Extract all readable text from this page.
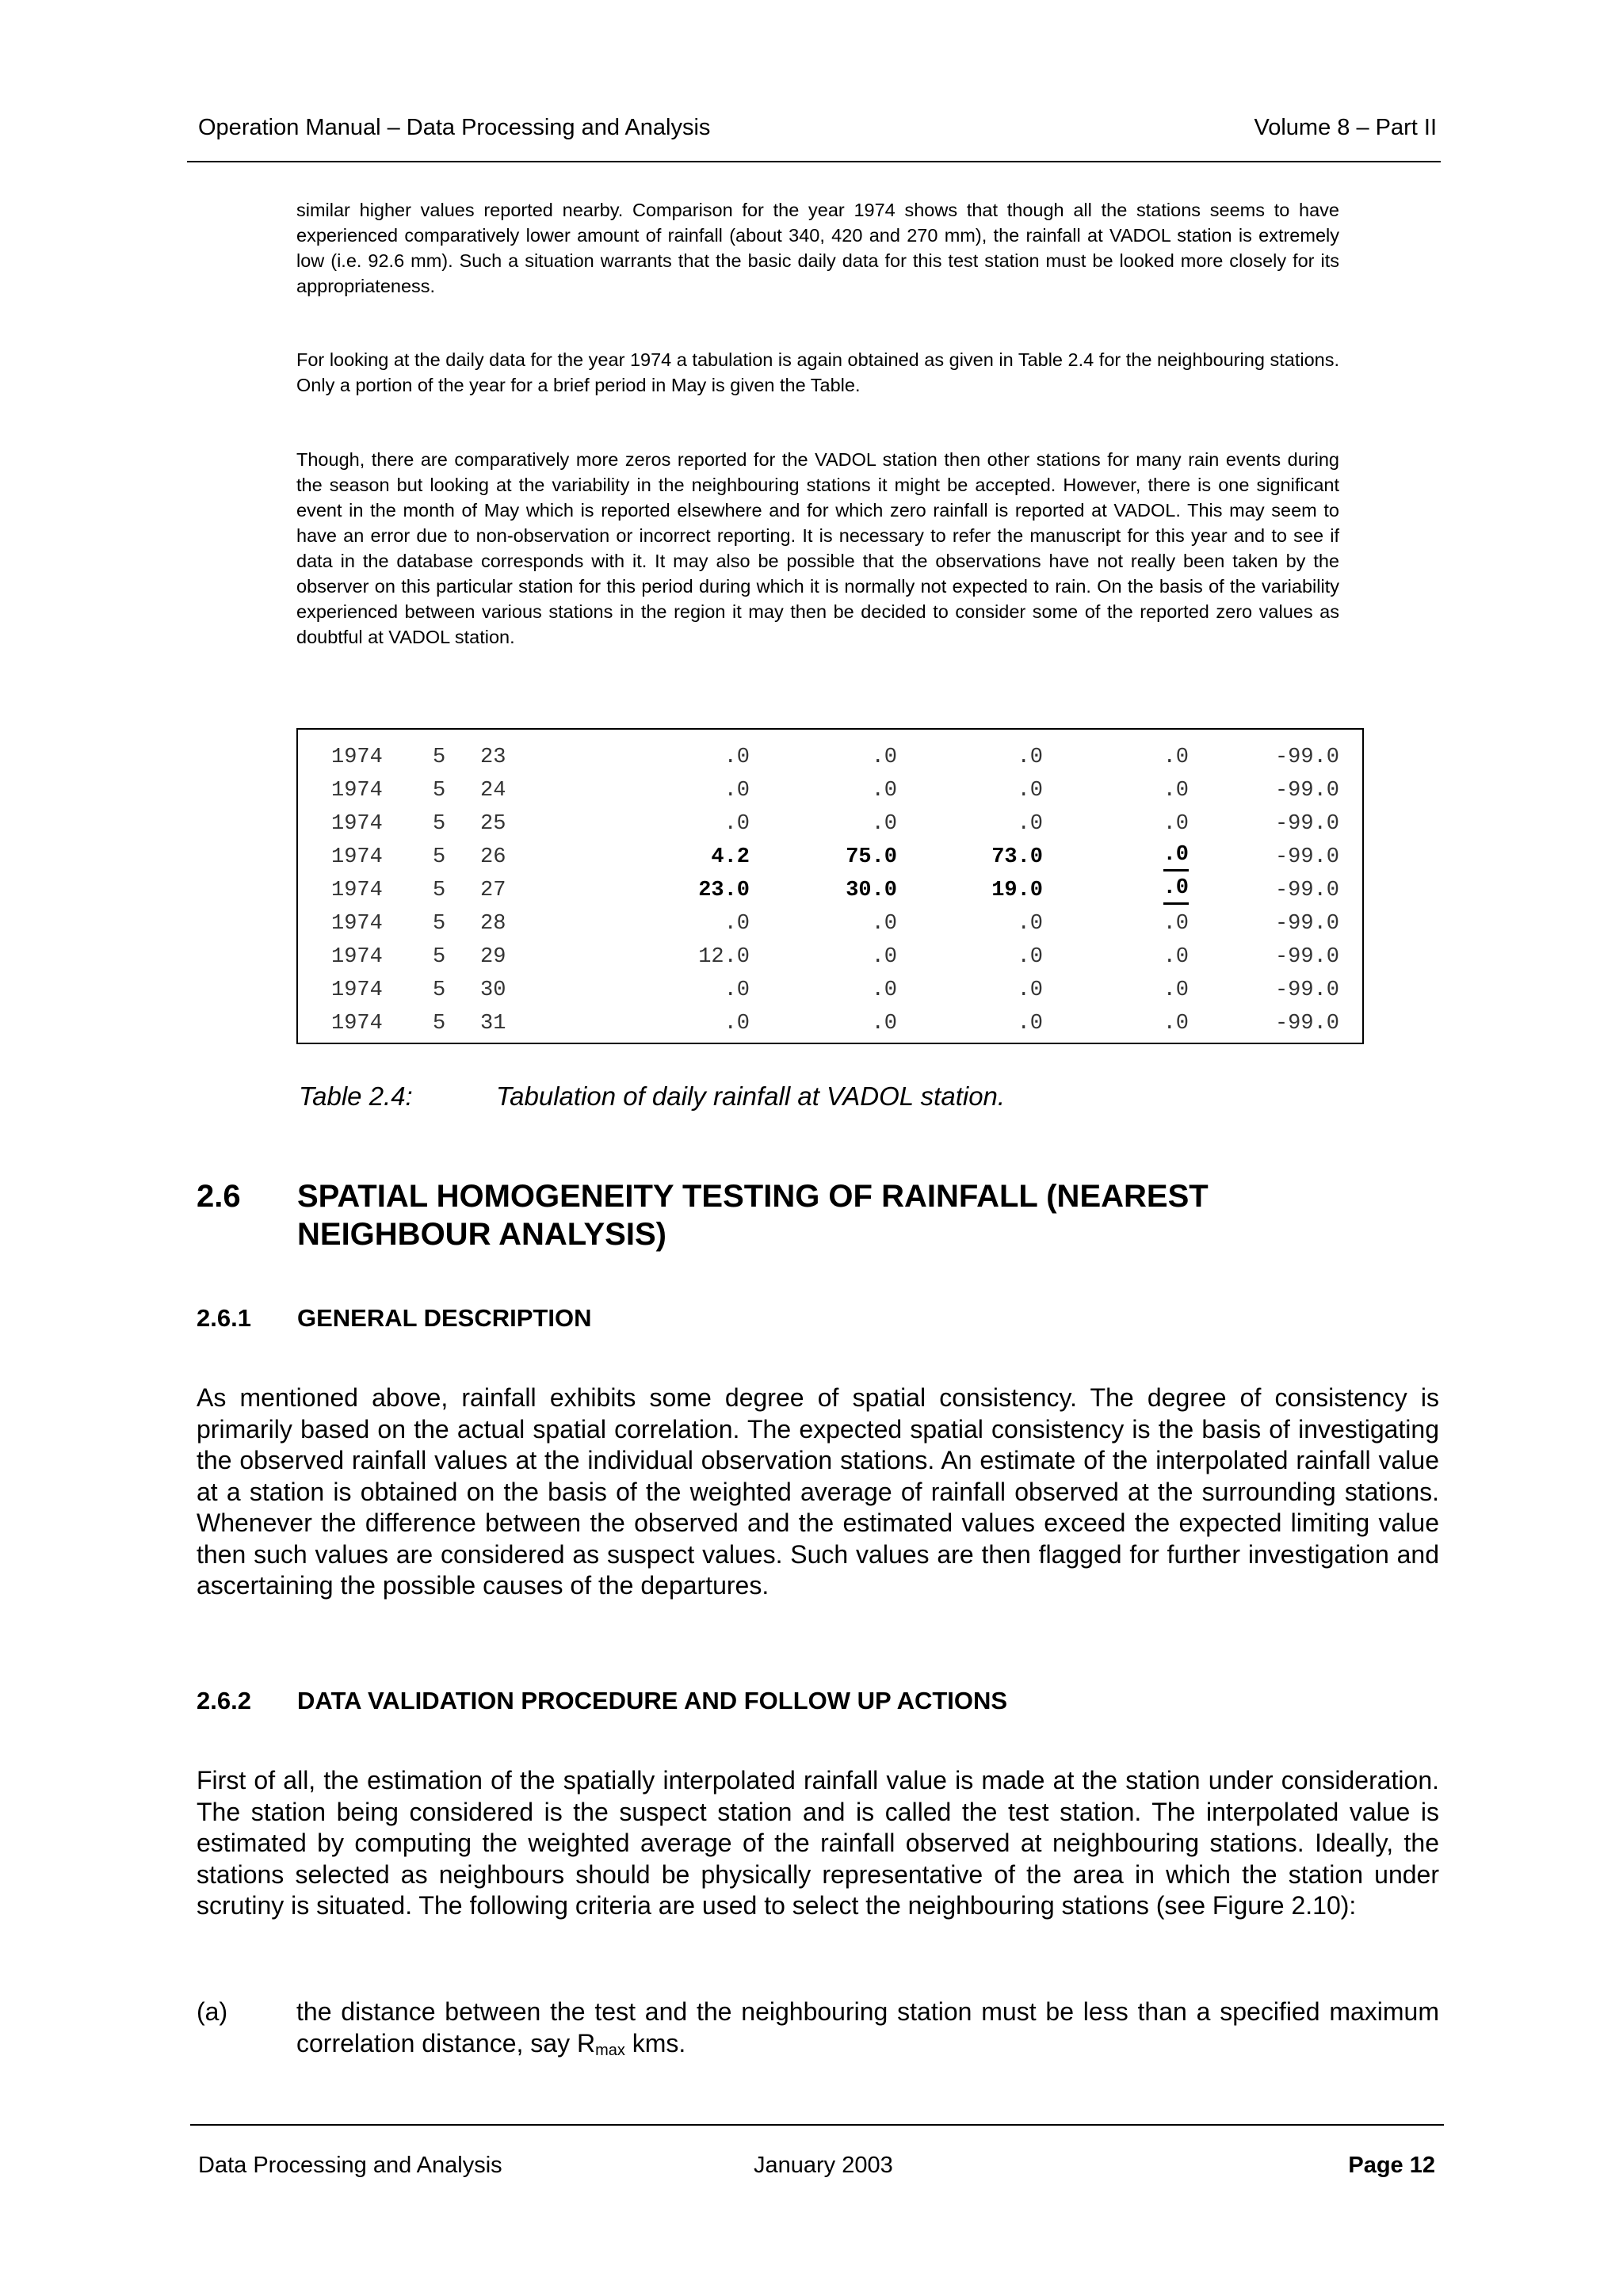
Operation Manual – Data Processing and Analysis	Volume 8 – Part II
similar higher values reported nearby. Comparison for the year 1974 shows that though all the stations seems to have experienced comparatively lower amount of rainfall (about 340, 420 and 270 mm), the rainfall at VADOL station is extremely low (i.e. 92.6 mm). Such a situation warrants that the basic daily data for this test station must be looked more closely for its appropriateness.
For looking at the daily data for the year 1974 a tabulation is again obtained as given in Table 2.4 for the neighbouring stations. Only a portion of the year for a brief period in May is given the Table.
Though, there are comparatively more zeros reported for the VADOL station then other stations for many rain events during the season but looking at the variability in the neighbouring stations it might be accepted. However, there is one significant event in the month of May which is reported elsewhere and for which zero rainfall is reported at VADOL. This may seem to have an error due to non-observation or incorrect reporting. It is necessary to refer the manuscript for this year and to see if data in the database corresponds with it. It may also be possible that the observations have not really been taken by the observer on this particular station for this period during which it is normally not expected to rain. On the basis of the variability experienced between various stations in the region it may then be decided to consider some of the reported zero values as doubtful at VADOL station.
1974 5 23	.0	.0	.0	.0	-99.0
1974 5 24	.0	.0	.0	.0	-99.0
1974 5 25	.0	.0	.0	.0	-99.0
1974 5 26	4.2	75.0	73.0	.0	-99.0
1974 5 27	23.0	30.0	19.0	.0	-99.0
1974 5 28	.0	.0	.0	.0	-99.0
1974 5 29	12.0	.0	.0	.0	-99.0
1974 5 30	.0	.0	.0	.0	-99.0
1974 5 31	.0	.0	.0	.0	-99.0
Table 2.4:	Tabulation of daily rainfall at VADOL station.
2.6 SPATIAL HOMOGENEITY TESTING OF RAINFALL (NEAREST NEIGHBOUR ANALYSIS)
2.6.1 GENERAL DESCRIPTION
As mentioned above, rainfall exhibits some degree of spatial consistency. The degree of consistency is primarily based on the actual spatial correlation. The expected spatial consistency is the basis of investigating the observed rainfall values at the individual observation stations. An estimate of the interpolated rainfall value at a station is obtained on the basis of the weighted average of rainfall observed at the surrounding stations. Whenever the difference between the observed and the estimated values exceed the expected limiting value then such values are considered as suspect values. Such values are then flagged for further investigation and ascertaining the possible causes of the departures.
2.6.2 DATA VALIDATION PROCEDURE AND FOLLOW UP ACTIONS
First of all, the estimation of the spatially interpolated rainfall value is made at the station under consideration. The station being considered is the suspect station and is called the test station. The interpolated value is estimated by computing the weighted average of the rainfall observed at neighbouring stations. Ideally, the stations selected as neighbours should be physically representative of the area in which the station under scrutiny is situated. The following criteria are used to select the neighbouring stations (see Figure 2.10):
(a)	the distance between the test and the neighbouring station must be less than a specified maximum correlation distance, say $R_{max}$ kms.
Data Processing and Analysis	January 2003	Page 12
